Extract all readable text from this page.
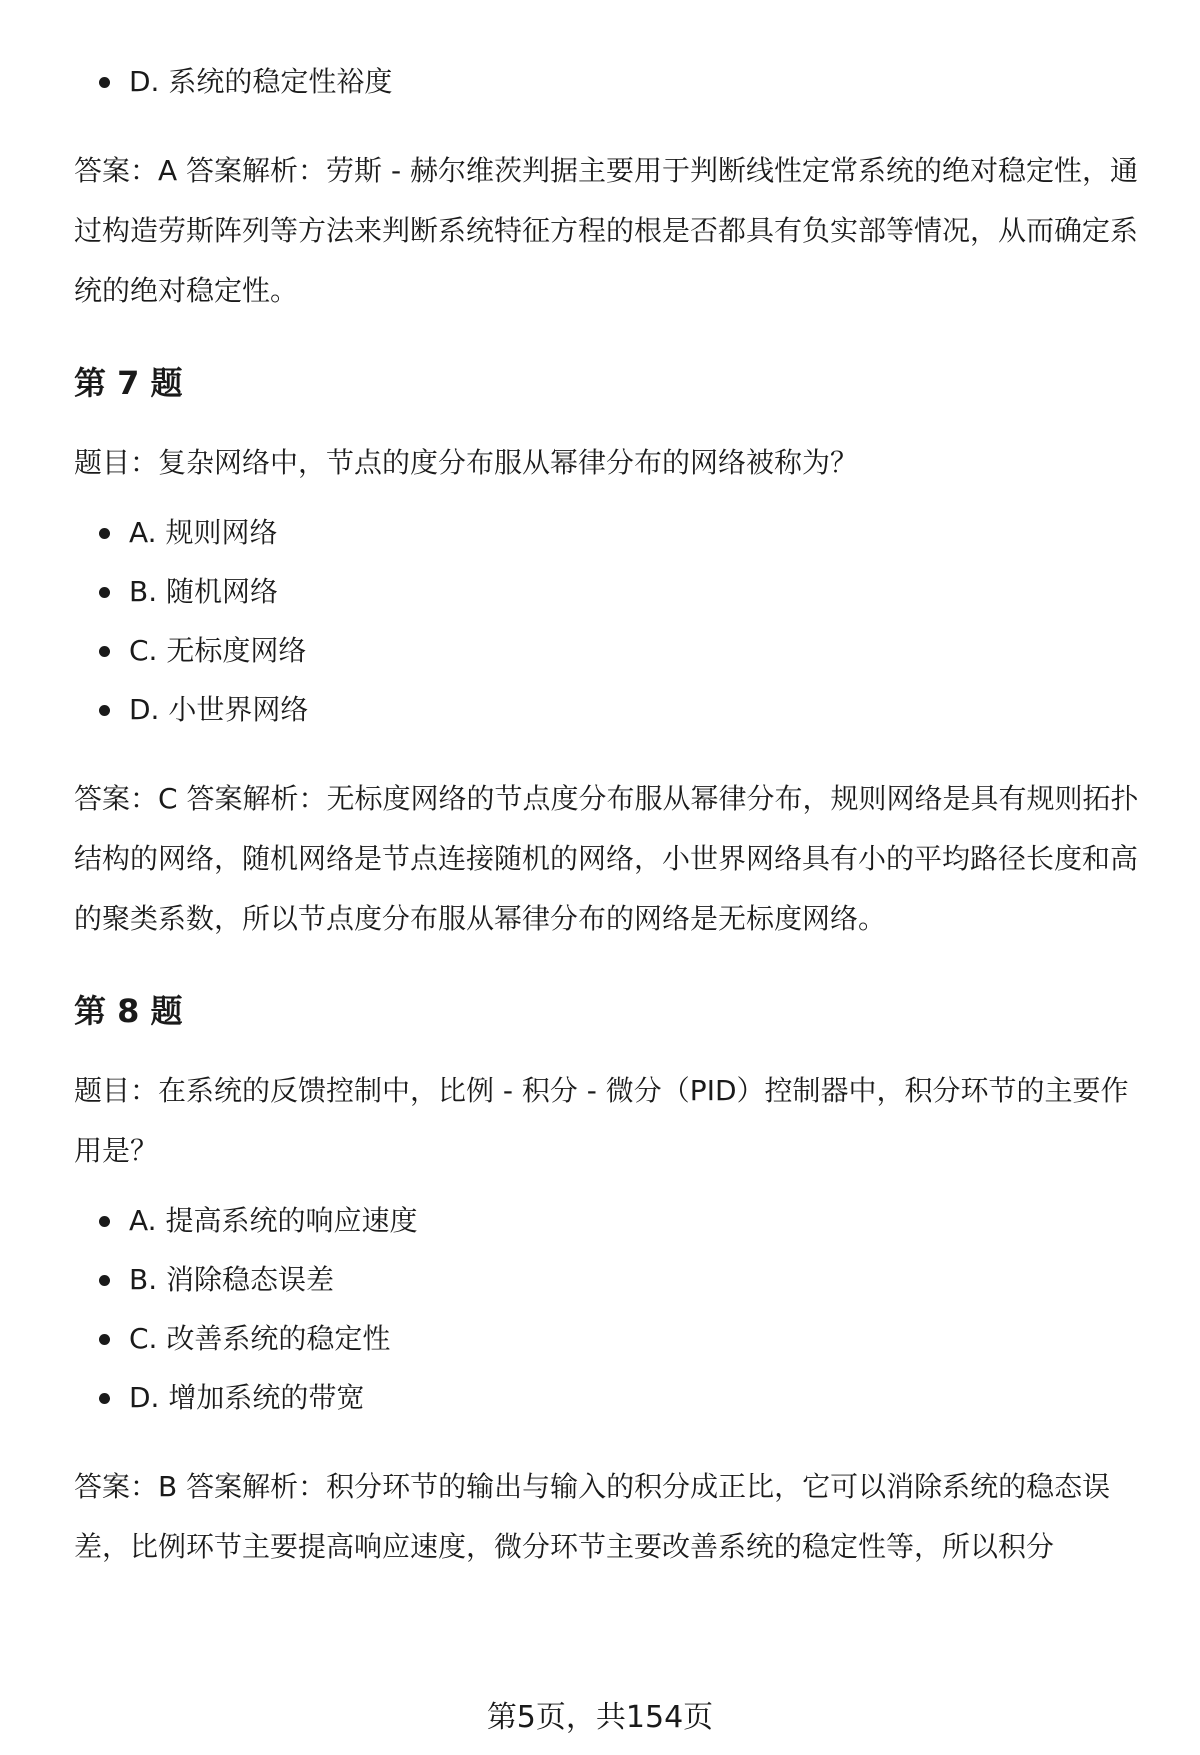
D. 系统的稳定性裕度

答案：A 答案解析：劳斯 - 赫尔维茨判据主要用于判断线性定常系统的绝对稳定性，通过构造劳斯阵列等方法来判断系统特征方程的根是否都具有负实部等情况，从而确定系统的绝对稳定性。

第 7 题

题目：复杂网络中，节点的度分布服从幂律分布的网络被称为？

A. 规则网络
B. 随机网络
C. 无标度网络
D. 小世界网络

答案：C 答案解析：无标度网络的节点度分布服从幂律分布，规则网络是具有规则拓扑结构的网络，随机网络是节点连接随机的网络，小世界网络具有小的平均路径长度和高的聚类系数，所以节点度分布服从幂律分布的网络是无标度网络。

第 8 题

题目：在系统的反馈控制中，比例 - 积分 - 微分（PID）控制器中，积分环节的主要作用是？

A. 提高系统的响应速度
B. 消除稳态误差
C. 改善系统的稳定性
D. 增加系统的带宽

答案：B 答案解析：积分环节的输出与输入的积分成正比，它可以消除系统的稳态误差，比例环节主要提高响应速度，微分环节主要改善系统的稳定性等，所以积分

第5页，共154页
